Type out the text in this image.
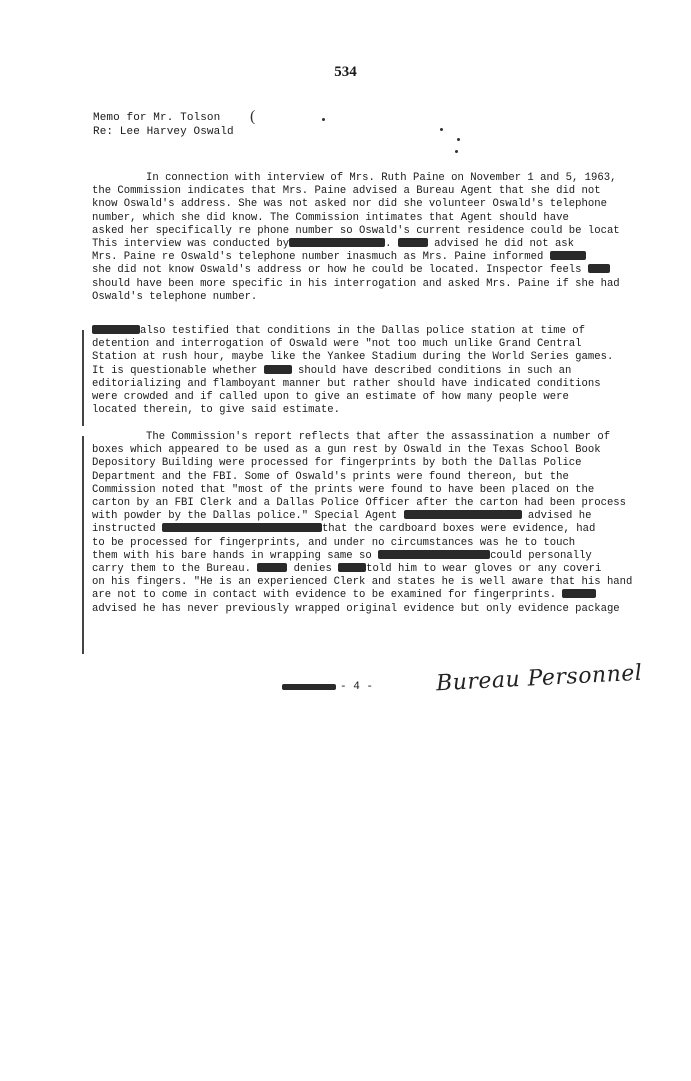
534
Memo for Mr. Tolson
Re: Lee Harvey Oswald
(
In connection with interview of Mrs. Ruth Paine on November 1 and 5, 1963,
the Commission indicates that Mrs. Paine advised a Bureau Agent that she did not
know Oswald's address. She was not asked nor did she volunteer Oswald's telephone
number, which she did know. The Commission intimates that Agent should have
asked her specifically re phone number so Oswald's current residence could be locat
This interview was conducted by	.	advised he did not ask
Mrs. Paine re Oswald's telephone number inasmuch as Mrs. Paine informed
she did not know Oswald's address or how he could be located. Inspector feels
should have been more specific in his interrogation and asked Mrs. Paine if she had
Oswald's telephone number.
also testified that conditions in the Dallas police station at time of
detention and interrogation of Oswald were "not too much unlike Grand Central
Station at rush hour, maybe like the Yankee Stadium during the World Series games.
It is questionable whether	should have described conditions in such an
editorializing and flamboyant manner but rather should have indicated conditions
were crowded and if called upon to give an estimate of how many people were
located therein, to give said estimate.
The Commission's report reflects that after the assassination a number of
boxes which appeared to be used as a gun rest by Oswald in the Texas School Book
Depository Building were processed for fingerprints by both the Dallas Police
Department and the FBI. Some of Oswald's prints were found thereon, but the
Commission noted that "most of the prints were found to have been placed on the
carton by an FBI Clerk and a Dallas Police Officer after the carton had been process
with powder by the Dallas police." Special Agent	advised he
instructed	that the cardboard boxes were evidence, had
to be processed for fingerprints, and under no circumstances was he to touch
them with his bare hands in wrapping same so	could personally
carry them to the Bureau.	denies	told him to wear gloves or any coveri
on his fingers. "He is an experienced Clerk and states he is well aware that his hand
are not to come in contact with evidence to be examined for fingerprints.
advised he has never previously wrapped original evidence but only evidence package
- 4 -	Bureau Personnel
